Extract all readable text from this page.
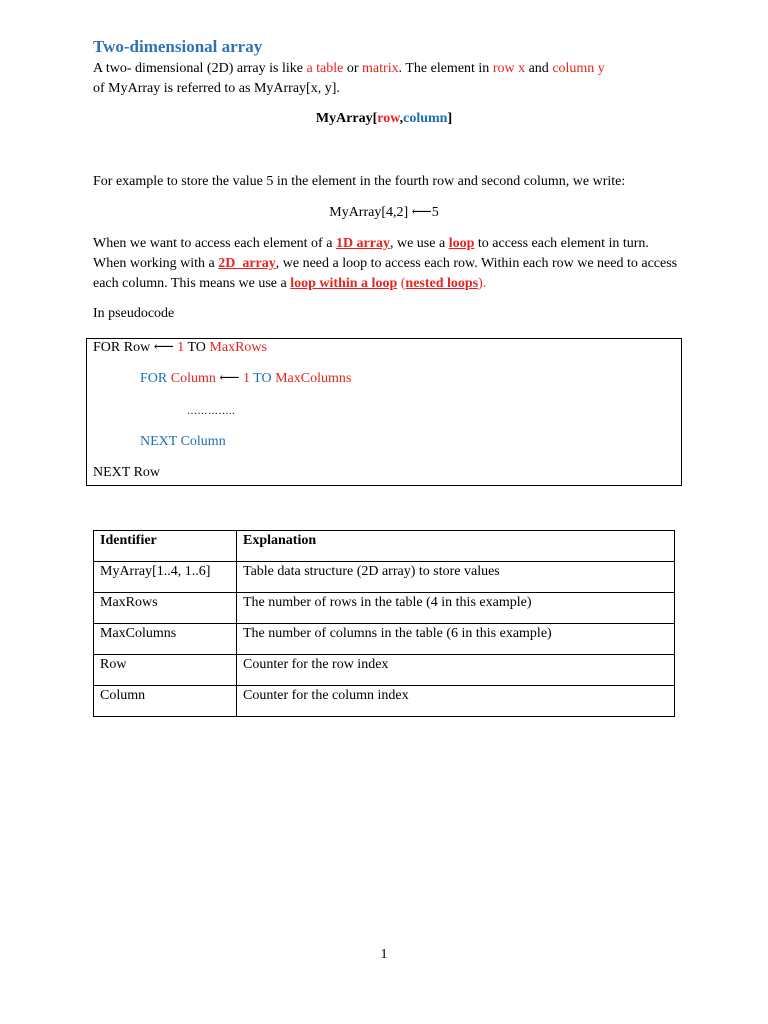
Two-dimensional array

A two- dimensional (2D) array is like a table or matrix. The element in row x and column y
of MyArray is referred to as MyArray[x, y].

MyArray[row,column]

For example to store the value 5 in the element in the fourth row and second column, we write:

MyArray[4,2] ⟵5

When we want to access each element of a 1D array, we use a loop to access each element in turn. When working with a 2D  array, we need a loop to access each row. Within each row we need to access each column. This means we use a loop within a loop (nested loops).

In pseudocode

FOR Row ⟵ 1 TO MaxRows
FOR Column ⟵ 1 TO MaxColumns
…………..
NEXT Column
NEXT Row
Identifier	Explanation
MyArray[1..4, 1..6]	Table data structure (2D array) to store values
MaxRows	The number of rows in the table (4 in this example)
MaxColumns	The number of columns in the table (6 in this example)
Row	Counter for the row index
Column	Counter for the column index

1
